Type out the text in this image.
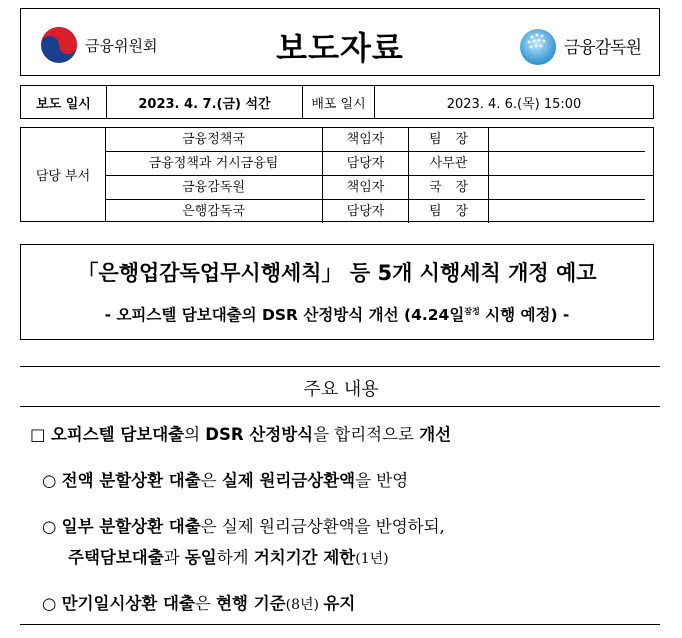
금융위원회	보도자료	금융감독원
보도 일시	2023. 4. 7.(금) 석간	배포 일시	2023. 4. 6.(목) 15:00
담당 부서
금융정책국	책임자	팀장
금융정책과 거시금융팀	담당자	사무관
금융감독원	책임자	국장
은행감독국	담당자	팀장
「은행업감독업무시행세칙」 등 5개 시행세칙 개정 예고
- 오피스텔 담보대출의 DSR 산정방식 개선 (4.24일$^{잠정}$ 시행 예정) -
주요 내용
□ 오피스텔 담보대출의 DSR 산정방식을 합리적으로 개선
○ 전액 분할상환 대출은 실제 원리금상환액을 반영
○ 일부 분할상환 대출은 실제 원리금상환액을 반영하되,
주택담보대출과 동일하게 거치기간 제한(1년)
○ 만기일시상환 대출은 현행 기준(8년) 유지
